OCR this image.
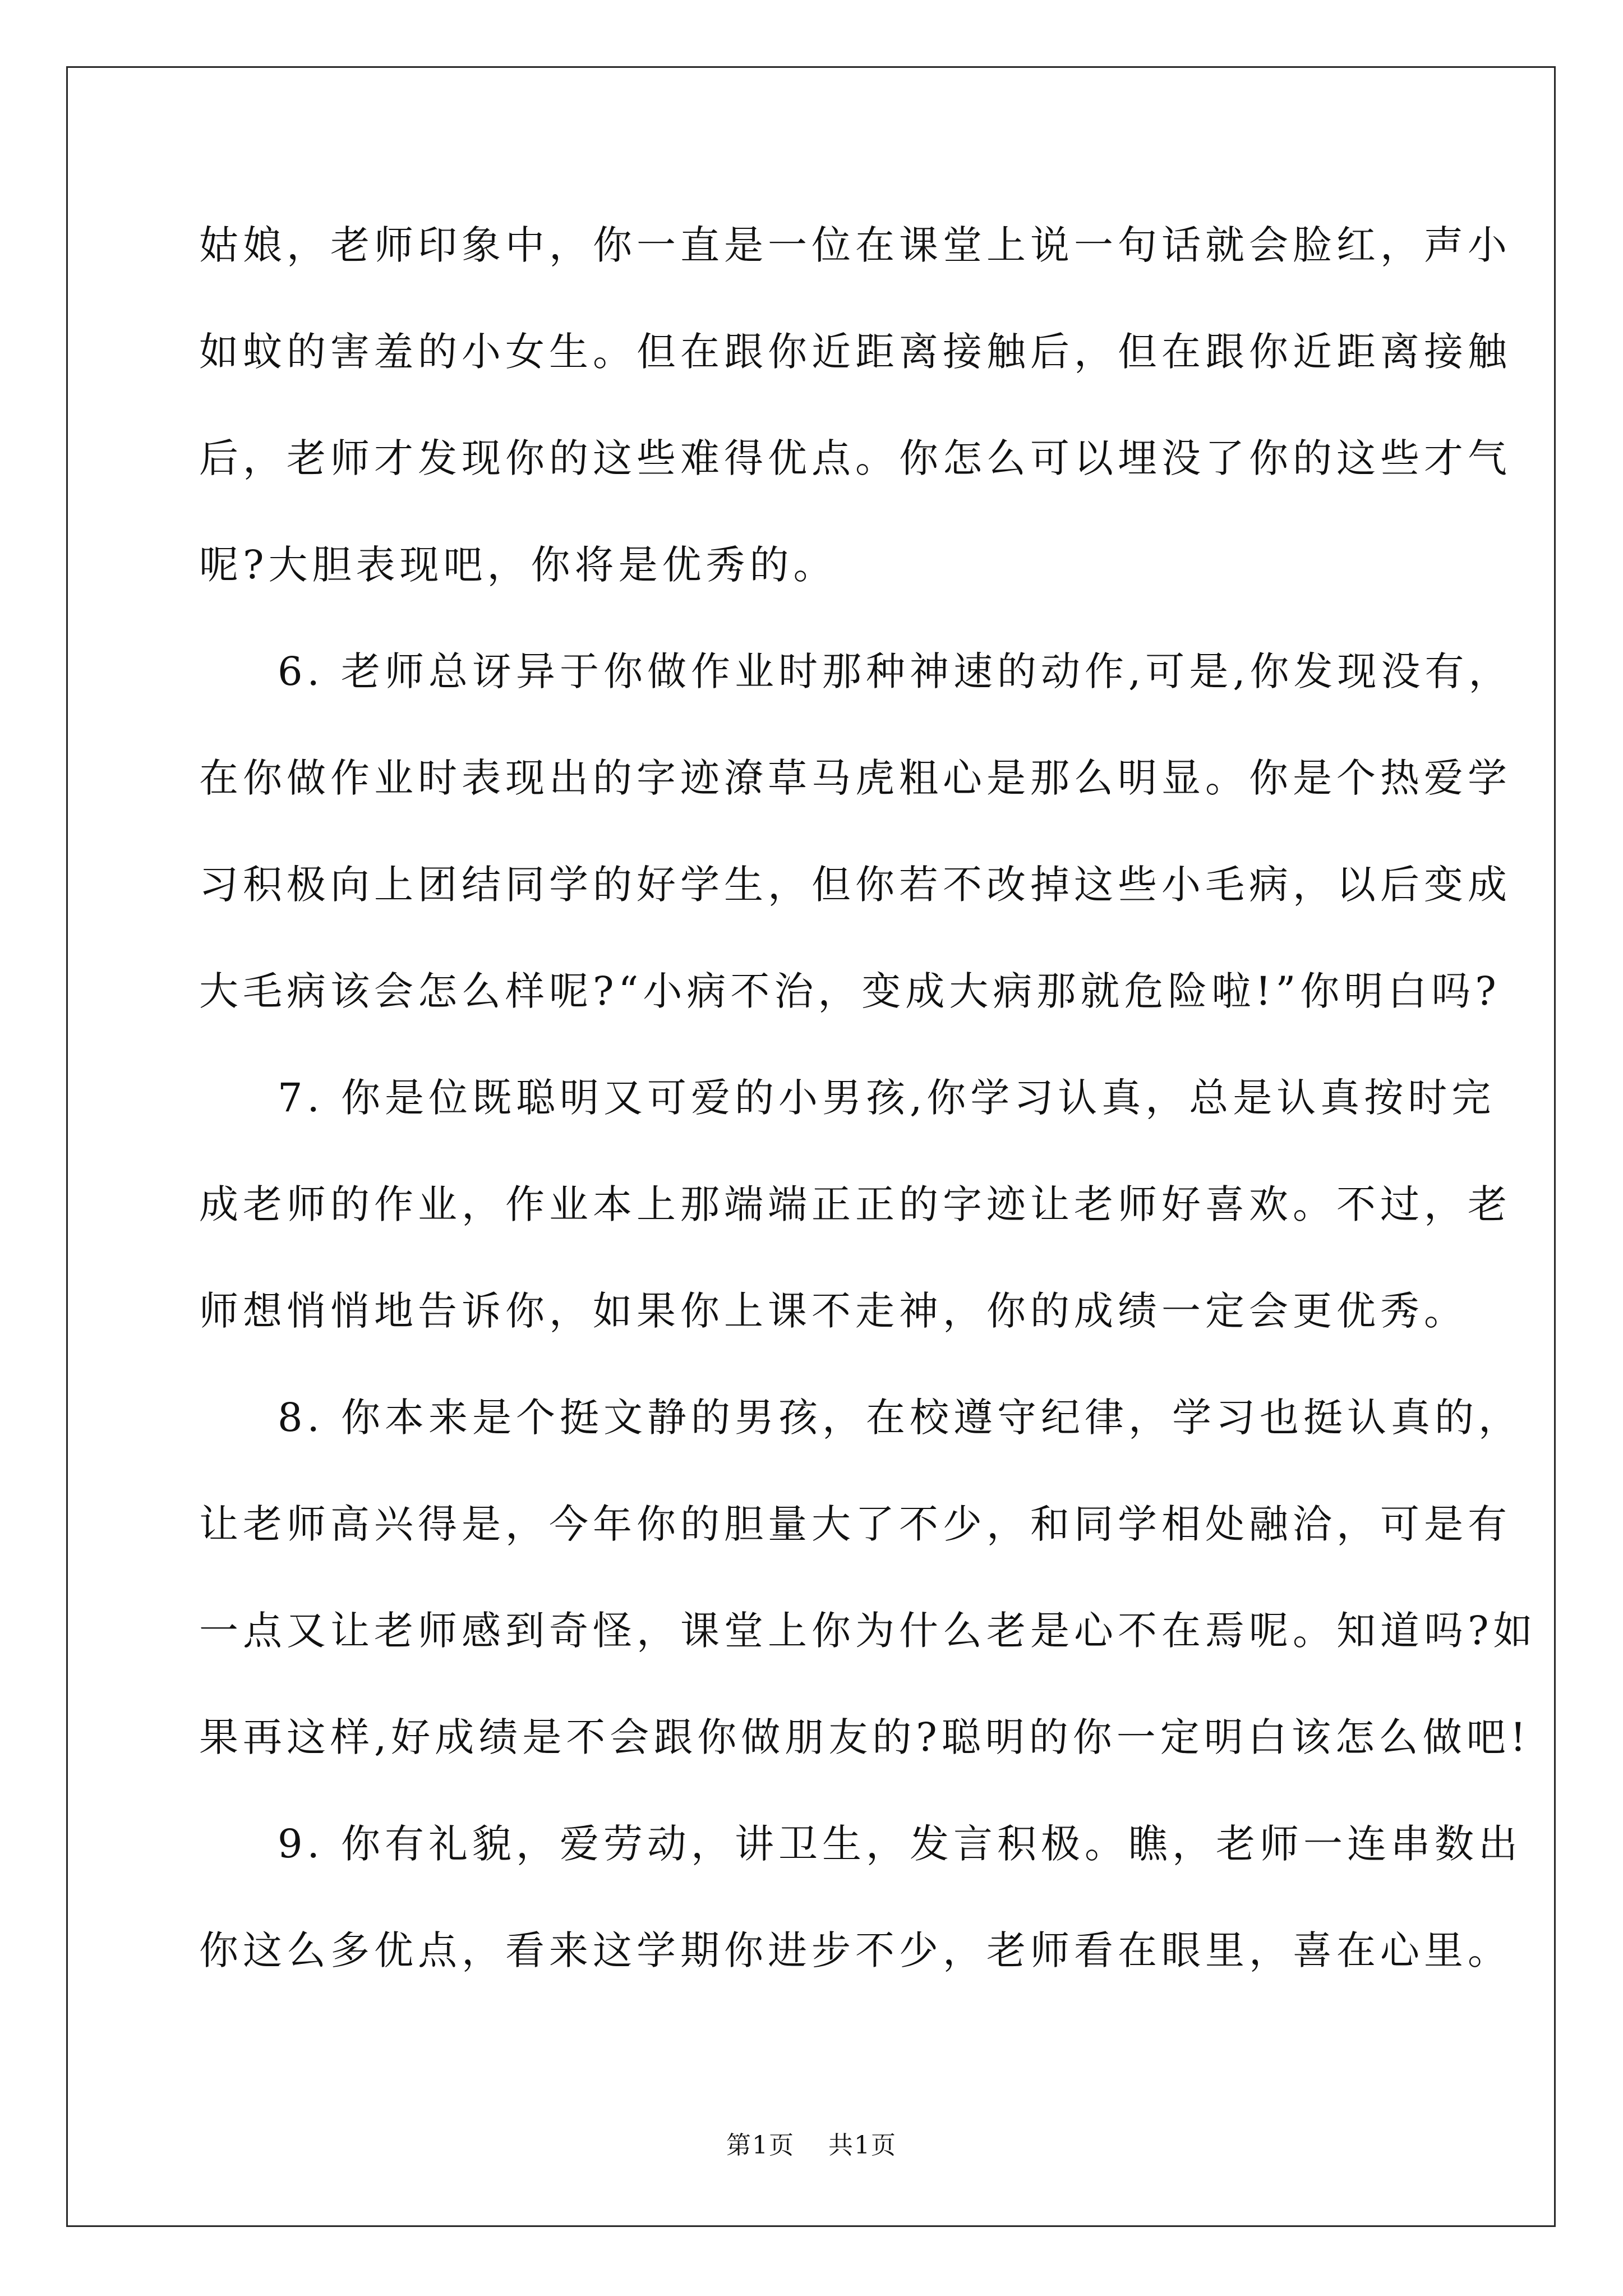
姑娘，老师印象中，你一直是一位在课堂上说一句话就会脸红，声小
如蚊的害羞的小女生。但在跟你近距离接触后，但在跟你近距离接触
后，老师才发现你的这些难得优点。你怎么可以埋没了你的这些才气
呢?大胆表现吧，你将是优秀的。

6. 老师总讶异于你做作业时那种神速的动作,可是,你发现没有，
在你做作业时表现出的字迹潦草马虎粗心是那么明显。你是个热爱学
习积极向上团结同学的好学生，但你若不改掉这些小毛病，以后变成
大毛病该会怎么样呢?“小病不治，变成大病那就危险啦!”你明白吗?

7. 你是位既聪明又可爱的小男孩,你学习认真，总是认真按时完
成老师的作业，作业本上那端端正正的字迹让老师好喜欢。不过，老
师想悄悄地告诉你，如果你上课不走神，你的成绩一定会更优秀。

8. 你本来是个挺文静的男孩，在校遵守纪律，学习也挺认真的，
让老师高兴得是，今年你的胆量大了不少，和同学相处融洽，可是有
一点又让老师感到奇怪，课堂上你为什么老是心不在焉呢。知道吗?如
果再这样,好成绩是不会跟你做朋友的?聪明的你一定明白该怎么做吧!

9. 你有礼貌，爱劳动，讲卫生，发言积极。瞧，老师一连串数出
你这么多优点，看来这学期你进步不少，老师看在眼里，喜在心里。

第1页 共1页
